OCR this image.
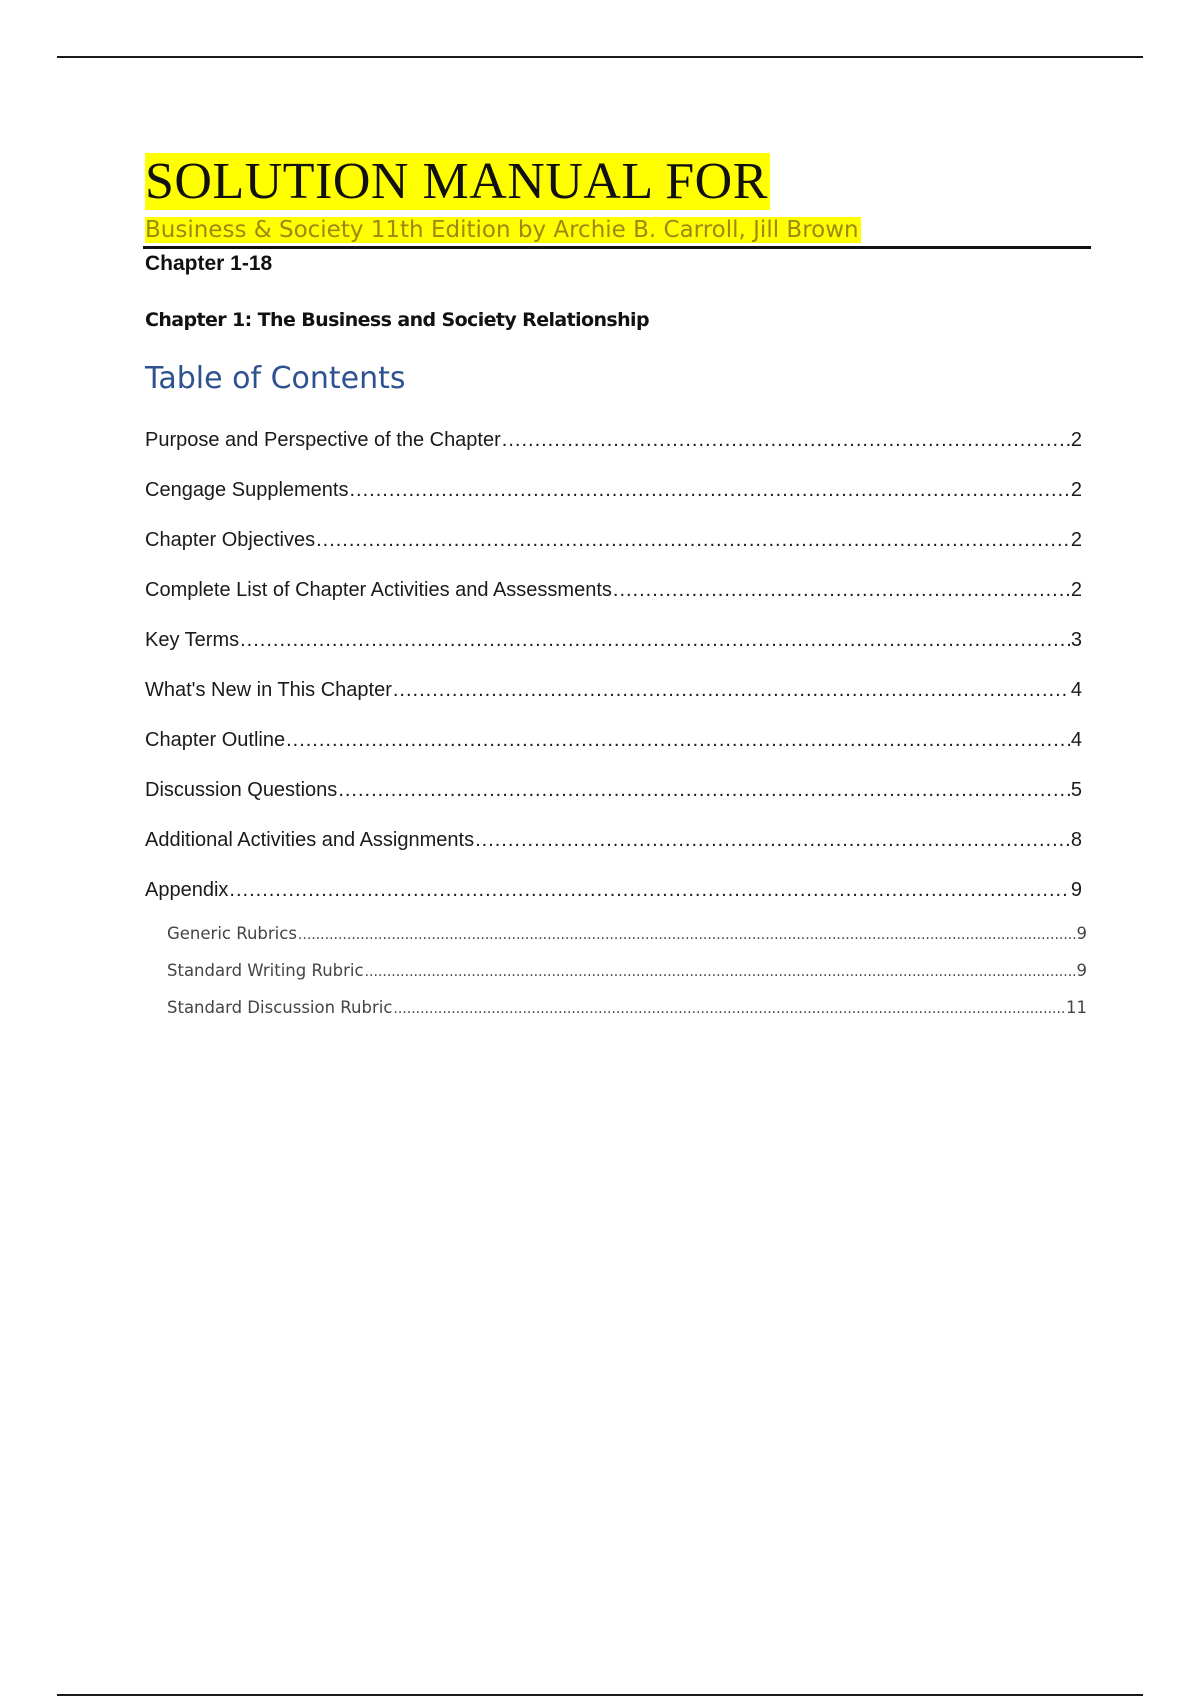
SOLUTION MANUAL FOR
Business & Society 11th Edition by Archie B. Carroll, Jill Brown
Chapter 1-18
Chapter 1: The Business and Society Relationship
Table of Contents
Purpose and Perspective of the Chapter .....	2
Cengage Supplements .....	2
Chapter Objectives .....	2
Complete List of Chapter Activities and Assessments .....	2
Key Terms .....	3
What's New in This Chapter .....	4
Chapter Outline .....	4
Discussion Questions .....	5
Additional Activities and Assignments .....	8
Appendix .....	9
Generic Rubrics .....	9
Standard Writing Rubric .....	9
Standard Discussion Rubric .....	11
